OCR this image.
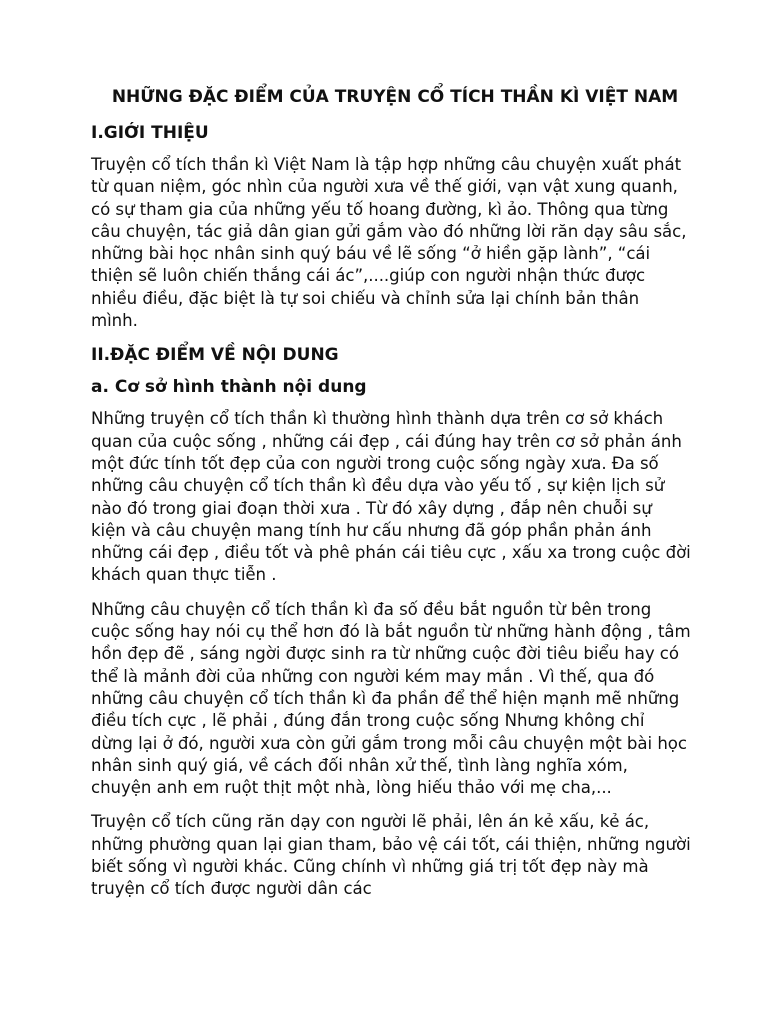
NHỮNG ĐẶC ĐIỂM CỦA TRUYỆN CỔ TÍCH THẦN KÌ VIỆT NAM
I.GIỚI THIỆU

Truyện cổ tích thần kì Việt Nam là tập hợp những câu chuyện xuất phát từ quan niệm, góc nhìn của người xưa về thế giới, vạn vật xung quanh, có sự tham gia của những yếu tố hoang đường, kì ảo. Thông qua từng câu chuyện, tác giả dân gian gửi gắm vào đó những lời răn dạy sâu sắc, những bài học nhân sinh quý báu về lẽ sống “ở hiền gặp lành”, “cái thiện sẽ luôn chiến thắng cái ác”,....giúp con người nhận thức được nhiều điều, đặc biệt là tự soi chiếu và chỉnh sửa lại chính bản thân mình.

II.ĐẶC ĐIỂM VỀ NỘI DUNG
a. Cơ sở hình thành nội dung

Những truyện cổ tích thần kì thường hình thành dựa trên cơ sở khách quan của cuộc sống , những cái đẹp , cái đúng hay trên cơ sở phản ánh một đức tính tốt đẹp của con người trong cuộc sống ngày xưa. Đa số những câu chuyện cổ tích thần kì đều dựa vào yếu tố , sự kiện lịch sử nào đó trong giai đoạn thời xưa . Từ đó xây dựng , đắp nên chuỗi sự kiện và câu chuyện mang tính hư cấu nhưng đã góp phần phản ánh những cái đẹp , điều tốt và phê phán cái tiêu cực , xấu xa trong cuộc đời khách quan thực tiễn .

Những câu chuyện cổ tích thần kì đa số đều bắt nguồn từ bên trong cuộc sống hay nói cụ thể hơn đó là bắt nguồn từ những hành động , tâm hồn đẹp đẽ , sáng ngời được sinh ra từ những cuộc đời tiêu biểu hay có thể là mảnh đời của những con người kém may mắn . Vì thế, qua đó những câu chuyện cổ tích thần kì đa phần để thể hiện mạnh mẽ những điều tích cực , lẽ phải , đúng đắn trong cuộc sống Nhưng không chỉ dừng lại ở đó, người xưa còn gửi gắm trong mỗi câu chuyện một bài học nhân sinh quý giá, về cách đối nhân xử thế, tình làng nghĩa xóm, chuyện anh em ruột thịt một nhà, lòng hiếu thảo với mẹ cha,...

Truyện cổ tích cũng răn dạy con người lẽ phải, lên án kẻ xấu, kẻ ác, những phường quan lại gian tham, bảo vệ cái tốt, cái thiện, những người biết sống vì người khác. Cũng chính vì những giá trị tốt đẹp này mà truyện cổ tích được người dân các
